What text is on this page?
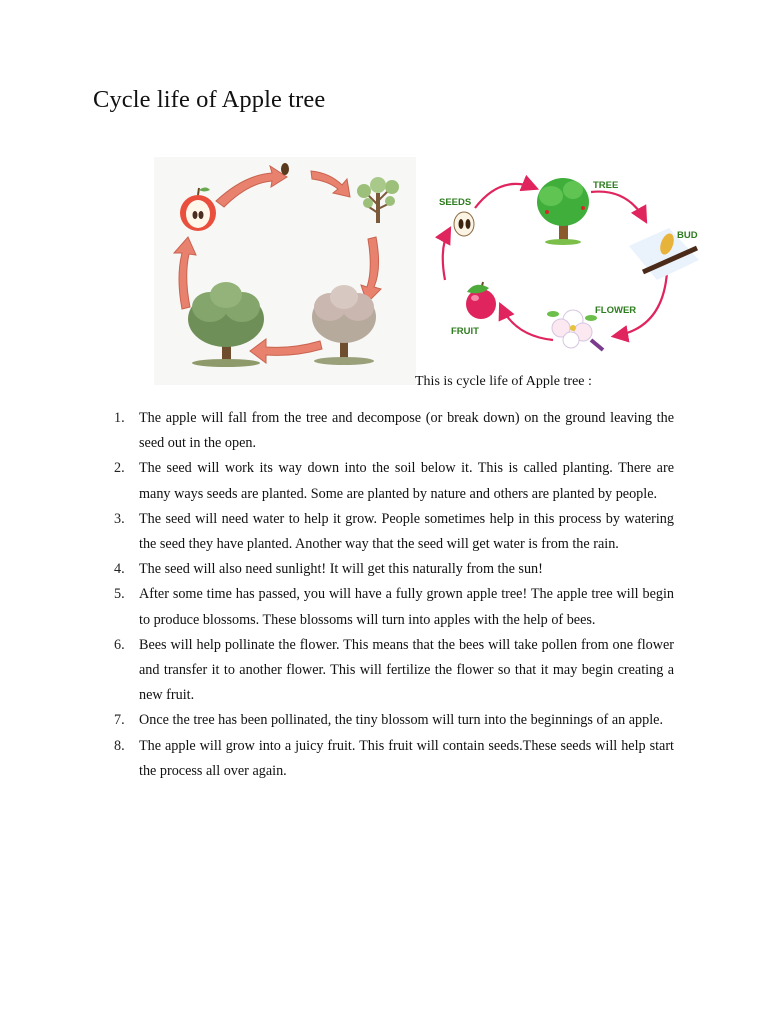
Cycle life of Apple tree
TREE
BUD
FLOWER
FRUIT
SEEDS
This is cycle life of Apple tree :
1. The apple will fall from the tree and decompose (or break down) on the ground leaving the seed out in the open.
2. The seed will work its way down into the soil below it. This is called planting. There are many ways seeds are planted. Some are planted by nature and others are planted by people.
3. The seed will need water to help it grow. People sometimes help in this process by watering the seed they have planted. Another way that the seed will get water is from the rain.
4. The seed will also need sunlight! It will get this naturally from the sun!
5. After some time has passed, you will have a fully grown apple tree! The apple tree will begin to produce blossoms. These blossoms will turn into apples with the help of bees.
6. Bees will help pollinate the flower. This means that the bees will take pollen from one flower and transfer it to another flower. This will fertilize the flower so that it may begin creating a new fruit.
7. Once the tree has been pollinated, the tiny blossom will turn into the beginnings of an apple.
8. The apple will grow into a juicy fruit. This fruit will contain seeds.These seeds will help start the process all over again.
